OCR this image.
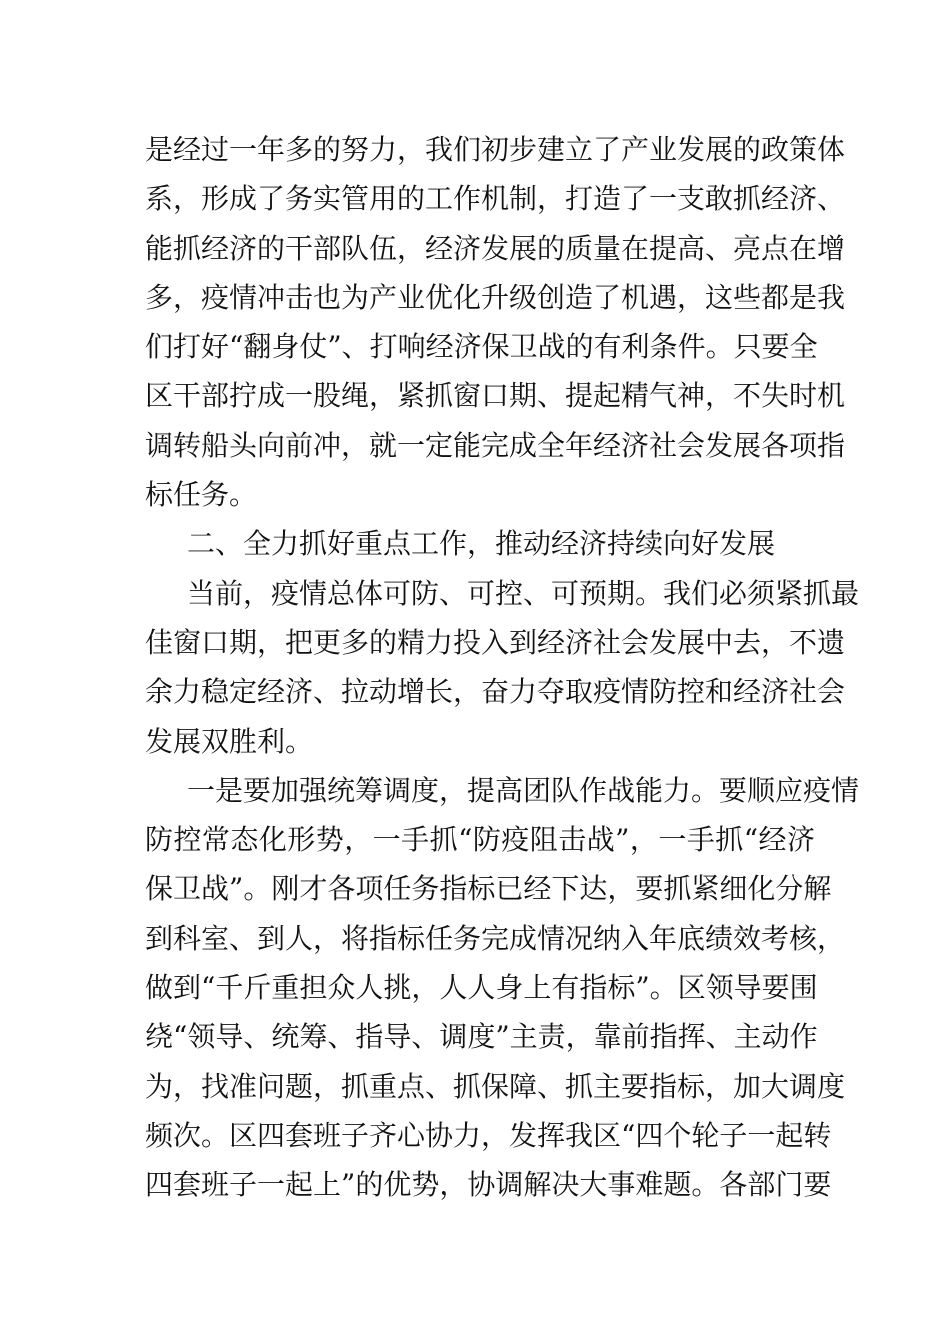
是经过一年多的努力，我们初步建立了产业发展的政策体
系，形成了务实管用的工作机制，打造了一支敢抓经济、
能抓经济的干部队伍，经济发展的质量在提高、亮点在增
多，疫情冲击也为产业优化升级创造了机遇，这些都是我
们打好“翻身仗”、打响经济保卫战的有利条件。只要全
区干部拧成一股绳，紧抓窗口期、提起精气神，不失时机
调转船头向前冲，就一定能完成全年经济社会发展各项指
标任务。
二、全力抓好重点工作，推动经济持续向好发展
当前，疫情总体可防、可控、可预期。我们必须紧抓最
佳窗口期，把更多的精力投入到经济社会发展中去，不遗
余力稳定经济、拉动增长，奋力夺取疫情防控和经济社会
发展双胜利。
一是要加强统筹调度，提高团队作战能力。要顺应疫情
防控常态化形势，一手抓“防疫阻击战”，一手抓“经济
保卫战”。刚才各项任务指标已经下达，要抓紧细化分解
到科室、到人，将指标任务完成情况纳入年底绩效考核，
做到“千斤重担众人挑，人人身上有指标”。区领导要围
绕“领导、统筹、指导、调度”主责，靠前指挥、主动作
为，找准问题，抓重点、抓保障、抓主要指标，加大调度
频次。区四套班子齐心协力，发挥我区“四个轮子一起转
四套班子一起上”的优势，协调解决大事难题。各部门要
